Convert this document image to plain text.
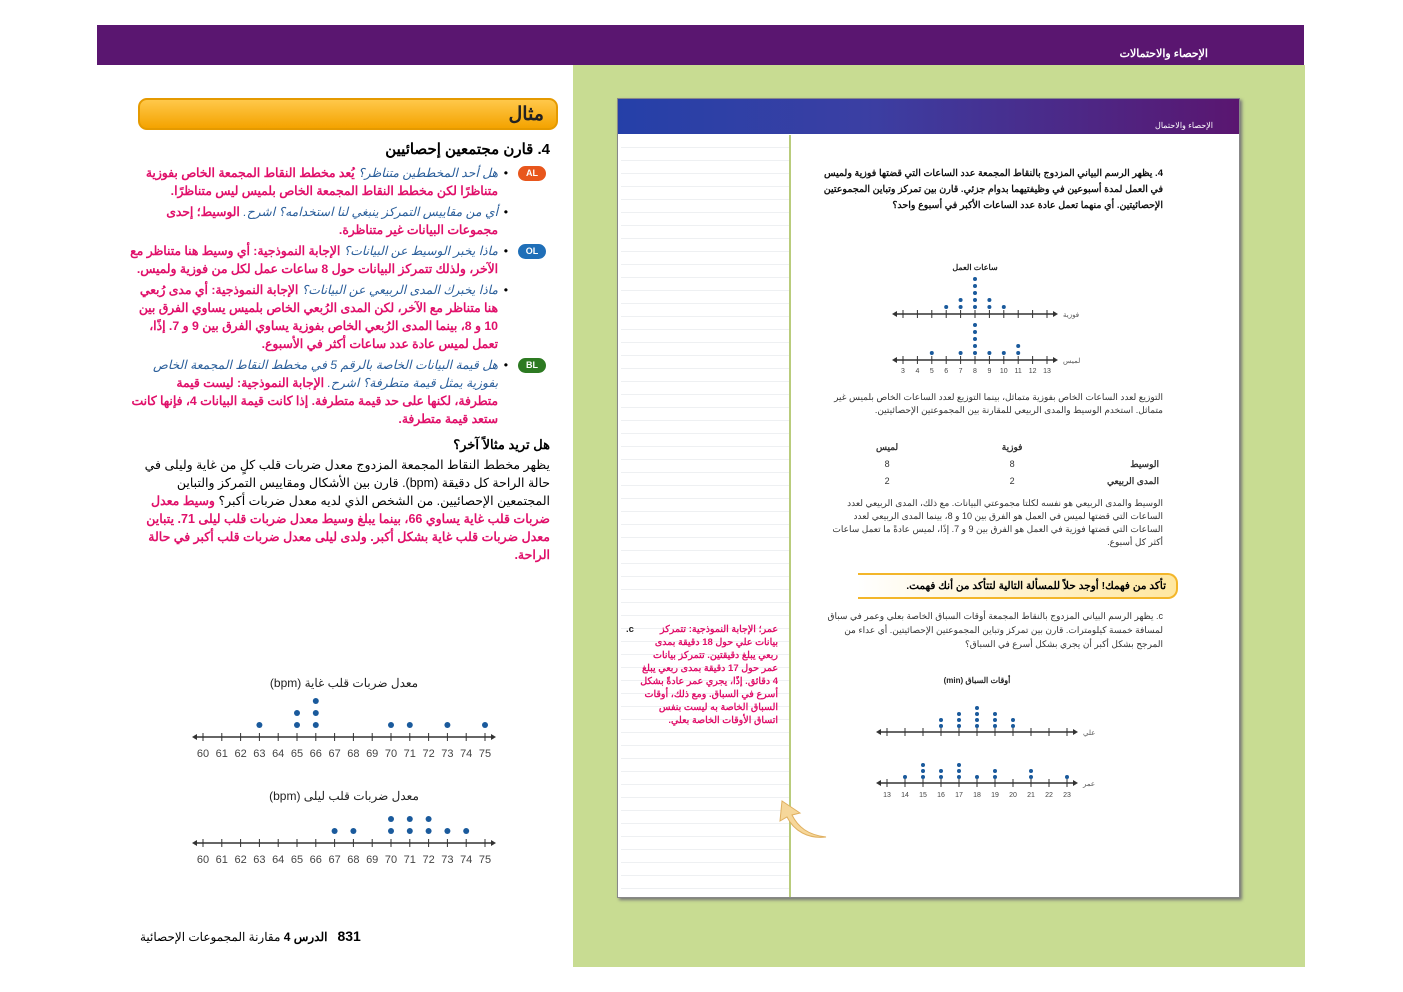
الإحصاء والاحتمالات
مثال
4. قارن مجتمعين إحصائيين
AL
•
هل أحد المخططين متناظر؟ يُعد مخطط النقاط المجمعة الخاص بفوزية متناظرًا لكن مخطط النقاط المجمعة الخاص بلميس ليس متناظرًا.
•
أي من مقاييس التمركز ينبغي لنا استخدامه؟ اشرح. الوسيط؛ إحدى مجموعات البيانات غير متناظرة.
OL
•
ماذا يخبر الوسيط عن البيانات؟ الإجابة النموذجية: أي وسيط هنا متناظر مع الآخر، ولذلك تتمركز البيانات حول 8 ساعات عمل لكل من فوزية ولميس.
•
ماذا يخبرك المدى الربيعي عن البيانات؟ الإجابة النموذجية: أي مدى رُبعي هنا متناظر مع الآخر، لكن المدى الرُبعي الخاص بلميس يساوي الفرق بين 10 و 8، بينما المدى الرُبعي الخاص بفوزية يساوي الفرق بين 9 و 7. إذًا، تعمل لميس عادة عدد ساعات أكثر في الأسبوع.
BL
•
هل قيمة البيانات الخاصة بالرقم 5 في مخطط النقاط المجمعة الخاص بفوزية يمثل قيمة متطرفة؟ اشرح. الإجابة النموذجية: ليست قيمة متطرفة، لكنها على حد قيمة متطرفة. إذا كانت قيمة البيانات 4، فإنها كانت ستعد قيمة متطرفة.
هل تريد مثالاً آخر؟
يظهر مخطط النقاط المجمعة المزدوج معدل ضربات قلب كلٍ من غاية وليلى في حالة الراحة كل دقيقة (bpm). قارن بين الأشكال ومقاييس التمركز والتباين المجتمعين الإحصائيين. من الشخص الذي لديه معدل ضربات أكبر؟ وسيط معدل ضربات قلب غاية يساوي 66، بينما يبلغ وسيط معدل ضربات قلب ليلى 71. يتباين معدل ضربات قلب غاية بشكل أكبر. ولدى ليلى معدل ضربات قلب أكبر في حالة الراحة.
معدل ضربات قلب غاية (bpm)
60 61 62 63 64 65 66 67 68 69 70 71 72 73 74 75
معدل ضربات قلب ليلى (bpm)
60 61 62 63 64 65 66 67 68 69 70 71 72 73 74 75
831الدرس 4 مقارنة المجموعات الإحصائية
الإحصاء والاحتمال
4. يظهر الرسم البياني المزدوج بالنقاط المجمعة عدد الساعات التي قضتها فوزية ولميس في العمل لمدة أسبوعين في وظيفتيهما بدوام جزئي. قارن بين تمركز وتباين المجموعتين الإحصائيتين. أي منهما تعمل عادة عدد الساعات الأكبر في أسبوع واحد؟
التوزيع لعدد الساعات الخاص بفوزية متماثل، بينما التوزيع لعدد الساعات الخاص بلميس غير متماثل. استخدم الوسيط والمدى الربيعي للمقارنة بين المجموعتين الإحصائيتين.
	فوزية	لميس
الوسيط	8	8
المدى الربيعي	2	2
الوسيط والمدى الربيعي هو نفسه لكلتا مجموعتي البيانات. مع ذلك، المدى الربيعي لعدد الساعات التي قضتها لميس في العمل هو الفرق بين 10 و 8، بينما المدى الربيعي لعدد الساعات التي قضتها فوزية في العمل هو الفرق بين 9 و 7. إذًا، لميس عادةً ما تعمل ساعات أكثر كل أسبوع.
تأكد من فهمك! أوجد حلاً للمسألة التالية لتتأكد من أنك فهمت.
c. يظهر الرسم البياني المزدوج بالنقاط المجمعة أوقات السباق الخاصة بعلي وعمر في سباق لمسافة خمسة كيلومترات. قارن بين تمركز وتباين المجموعتين الإحصائيتين. أي عداء من المرجح بشكل أكبر أن يجري بشكل أسرع في السباق؟
c.	عمر؛ الإجابة النموذجية: تتمركز بيانات علي حول 18 دقيقة بمدى ربعي يبلغ دقيقتين. تتمركز بيانات عمر حول 17 دقيقة بمدى ربعي يبلغ 4 دقائق. إذًا، يجري عمر عادةً بشكل أسرع في السباق. ومع ذلك، أوقات السباق الخاصة به ليست بنفس اتساق الأوقات الخاصة بعلي.
ساعات العمل
فوزية
3 4 5 6 7 8 9 10 11 12 13
لميس
أوقات السباق (min)
علي
13 14 15 16 17 18 19 20 21 22 23
عمر
